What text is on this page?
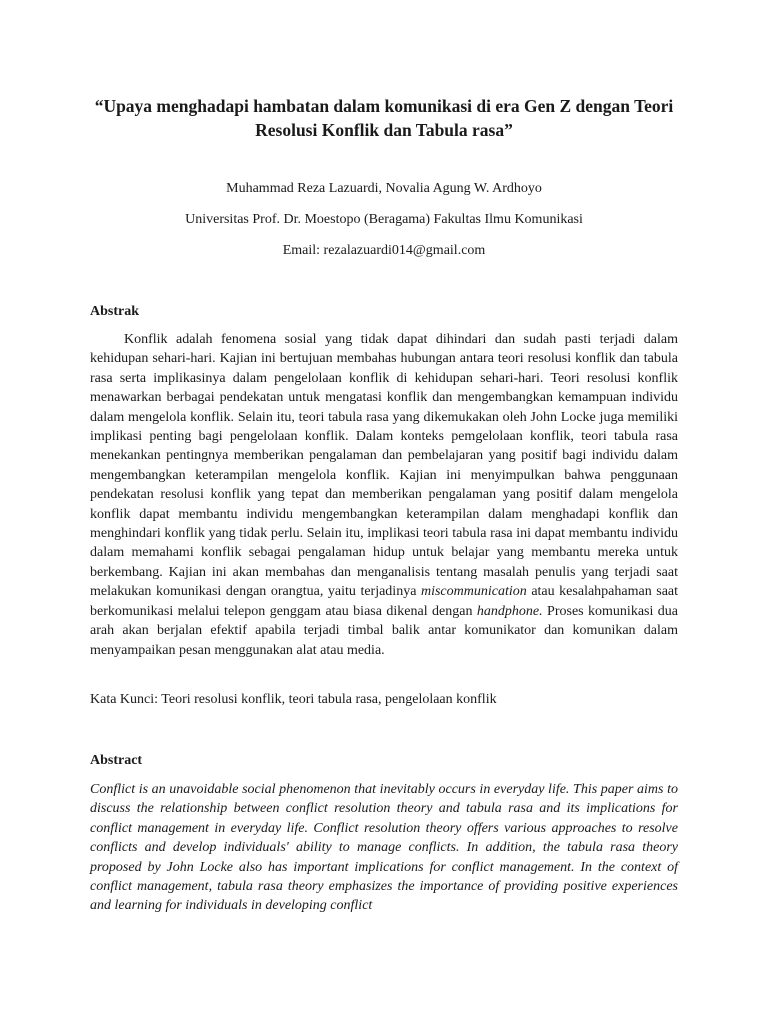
“Upaya menghadapi hambatan dalam komunikasi di era Gen Z dengan Teori Resolusi Konflik dan Tabula rasa”
Muhammad Reza Lazuardi, Novalia Agung W. Ardhoyo
Universitas Prof. Dr. Moestopo (Beragama) Fakultas Ilmu Komunikasi
Email: rezalazuardi014@gmail.com
Abstrak
Konflik adalah fenomena sosial yang tidak dapat dihindari dan sudah pasti terjadi dalam kehidupan sehari-hari. Kajian ini bertujuan membahas hubungan antara teori resolusi konflik dan tabula rasa serta implikasinya dalam pengelolaan konflik di kehidupan sehari-hari. Teori resolusi konflik menawarkan berbagai pendekatan untuk mengatasi konflik dan mengembangkan kemampuan individu dalam mengelola konflik. Selain itu, teori tabula rasa yang dikemukakan oleh John Locke juga memiliki implikasi penting bagi pengelolaan konflik. Dalam konteks pemgelolaan konflik, teori tabula rasa menekankan pentingnya memberikan pengalaman dan pembelajaran yang positif bagi individu dalam mengembangkan keterampilan mengelola konflik. Kajian ini menyimpulkan bahwa penggunaan pendekatan resolusi konflik yang tepat dan memberikan pengalaman yang positif dalam mengelola konflik dapat membantu individu mengembangkan keterampilan dalam menghadapi konflik dan menghindari konflik yang tidak perlu. Selain itu, implikasi teori tabula rasa ini dapat membantu individu dalam memahami konflik sebagai pengalaman hidup untuk belajar yang membantu mereka untuk berkembang. Kajian ini akan membahas dan menganalisis tentang masalah penulis yang terjadi saat melakukan komunikasi dengan orangtua, yaitu terjadinya miscommunication atau kesalahpahaman saat berkomunikasi melalui telepon genggam atau biasa dikenal dengan handphone. Proses komunikasi dua arah akan berjalan efektif apabila terjadi timbal balik antar komunikator dan komunikan dalam menyampaikan pesan menggunakan alat atau media.
Kata Kunci: Teori resolusi konflik, teori tabula rasa, pengelolaan konflik
Abstract
Conflict is an unavoidable social phenomenon that inevitably occurs in everyday life. This paper aims to discuss the relationship between conflict resolution theory and tabula rasa and its implications for conflict management in everyday life. Conflict resolution theory offers various approaches to resolve conflicts and develop individuals' ability to manage conflicts. In addition, the tabula rasa theory proposed by John Locke also has important implications for conflict management. In the context of conflict management, tabula rasa theory emphasizes the importance of providing positive experiences and learning for individuals in developing conflict
